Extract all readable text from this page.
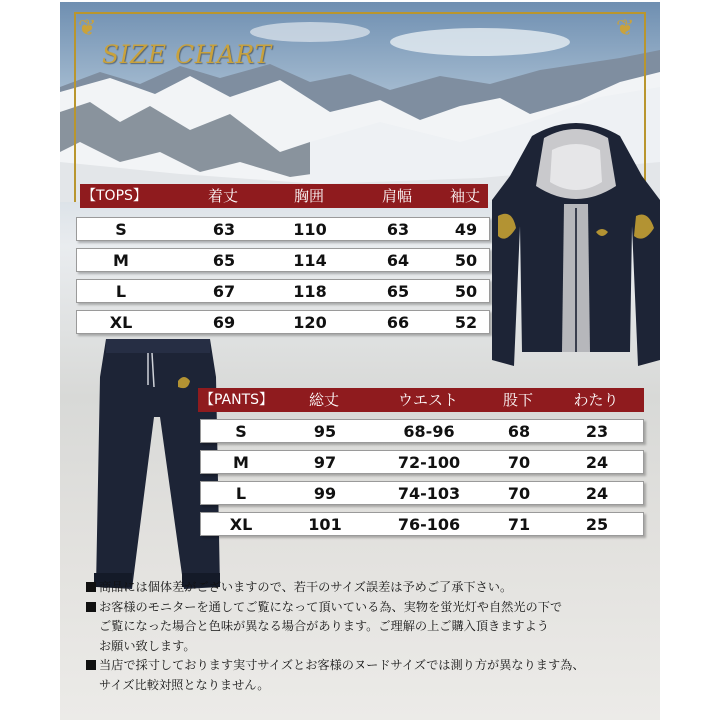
❦	❦
SIZE CHART
【TOPS】	着丈	胸囲	肩幅	袖丈
S	63	110	63	49
M	65	114	64	50
L	67	118	65	50
XL	69	120	66	52
【PANTS】	総丈	ウエスト	股下	わたり
S	95	68-96	68	23
M	97	72-100	70	24
L	99	74-103	70	24
XL	101	76-106	71	25
商品には個体差がございますので、若干のサイズ誤差は予めご了承下さい。
お客様のモニターを通してご覧になって頂いている為、実物を蛍光灯や自然光の下で
ご覧になった場合と色味が異なる場合があります。ご理解の上ご購入頂きますよう
お願い致します。
当店で採寸しております実寸サイズとお客様のヌードサイズでは測り方が異なります為、
サイズ比較対照となりません。
